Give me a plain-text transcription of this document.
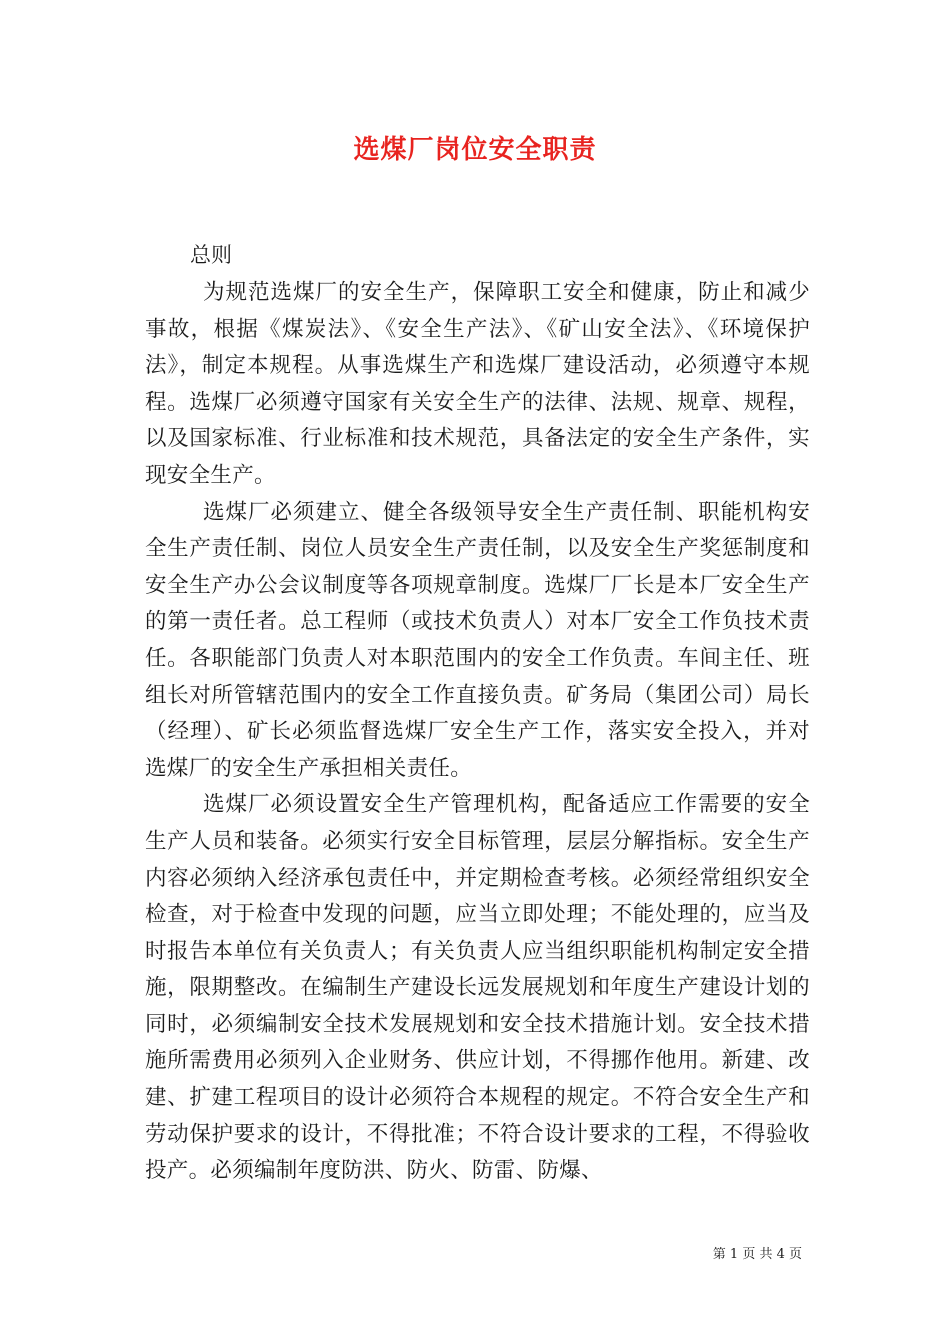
选煤厂岗位安全职责
总则

为规范选煤厂的安全生产，保障职工安全和健康，防止和减少事故，根据《煤炭法》、《安全生产法》、《矿山安全法》、《环境保护法》，制定本规程。从事选煤生产和选煤厂建设活动，必须遵守本规程。选煤厂必须遵守国家有关安全生产的法律、法规、规章、规程，以及国家标准、行业标准和技术规范，具备法定的安全生产条件，实现安全生产。

选煤厂必须建立、健全各级领导安全生产责任制、职能机构安全生产责任制、岗位人员安全生产责任制，以及安全生产奖惩制度和安全生产办公会议制度等各项规章制度。选煤厂厂长是本厂安全生产的第一责任者。总工程师（或技术负责人）对本厂安全工作负技术责任。各职能部门负责人对本职范围内的安全工作负责。车间主任、班组长对所管辖范围内的安全工作直接负责。矿务局（集团公司）局长（经理）、矿长必须监督选煤厂安全生产工作，落实安全投入，并对选煤厂的安全生产承担相关责任。

选煤厂必须设置安全生产管理机构，配备适应工作需要的安全生产人员和装备。必须实行安全目标管理，层层分解指标。安全生产内容必须纳入经济承包责任中，并定期检查考核。必须经常组织安全检查，对于检查中发现的问题，应当立即处理；不能处理的，应当及时报告本单位有关负责人；有关负责人应当组织职能机构制定安全措施，限期整改。在编制生产建设长远发展规划和年度生产建设计划的同时，必须编制安全技术发展规划和安全技术措施计划。安全技术措施所需费用必须列入企业财务、供应计划，不得挪作他用。新建、改建、扩建工程项目的设计必须符合本规程的规定。不符合安全生产和劳动保护要求的设计，不得批准；不符合设计要求的工程，不得验收投产。必须编制年度防洪、防火、防雷、防爆、

第 1 页 共 4 页
